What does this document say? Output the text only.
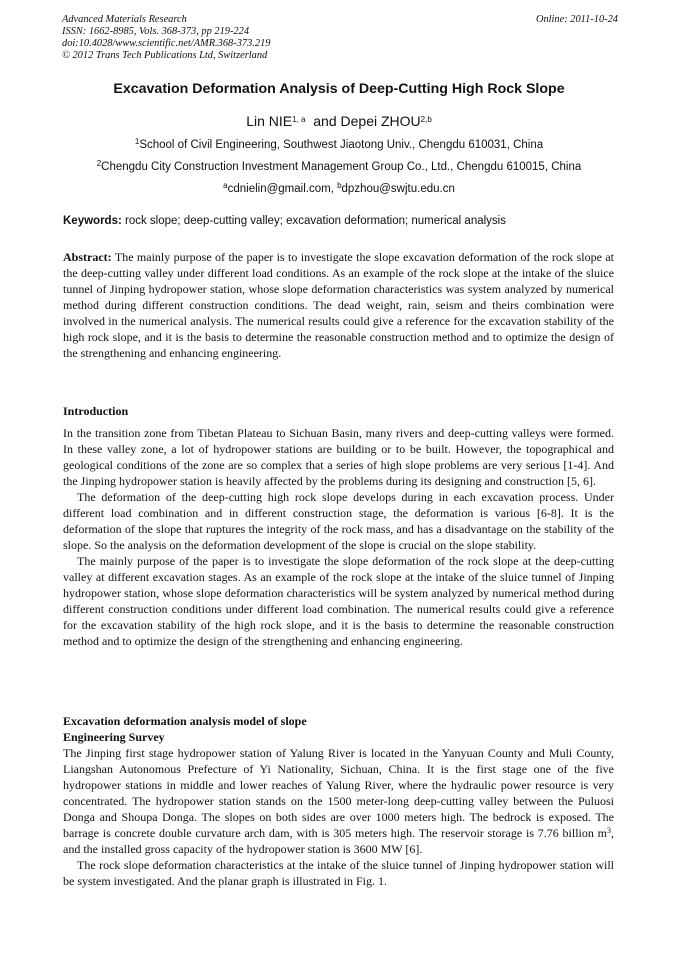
Advanced Materials Research
ISSN: 1662-8985, Vols. 368-373, pp 219-224
doi:10.4028/www.scientific.net/AMR.368-373.219
© 2012 Trans Tech Publications Ltd, Switzerland
Online: 2011-10-24
Excavation Deformation Analysis of Deep-Cutting High Rock Slope
Lin NIE$^{1, a}$ and Depei ZHOU$^{2,b}$
$^1$School of Civil Engineering, Southwest Jiaotong Univ., Chengdu 610031, China
$^2$Chengdu City Construction Investment Management Group Co., Ltd., Chengdu 610015, China
$^a$cdnielin@gmail.com, $^b$dpzhou@swjtu.edu.cn
Keywords: rock slope; deep-cutting valley; excavation deformation; numerical analysis

Abstract: The mainly purpose of the paper is to investigate the slope excavation deformation of the rock slope at the deep-cutting valley under different load conditions. As an example of the rock slope at the intake of the sluice tunnel of Jinping hydropower station, whose slope deformation characteristics was system analyzed by numerical method during different construction conditions. The dead weight, rain, seism and theirs combination were involved in the numerical analysis. The numerical results could give a reference for the excavation stability of the high rock slope, and it is the basis to determine the reasonable construction method and to optimize the design of the strengthening and enhancing engineering.

Introduction

In the transition zone from Tibetan Plateau to Sichuan Basin, many rivers and deep-cutting valleys were formed. In these valley zone, a lot of hydropower stations are building or to be built. However, the topographical and geological conditions of the zone are so complex that a series of high slope problems are very serious [1-4]. And the Jinping hydropower station is heavily affected by the problems during its designing and construction [5, 6].

The deformation of the deep-cutting high rock slope develops during in each excavation process. Under different load combination and in different construction stage, the deformation is various [6-8]. It is the deformation of the slope that ruptures the integrity of the rock mass, and has a disadvantage on the stability of the slope. So the analysis on the deformation development of the slope is crucial on the slope stability.

The mainly purpose of the paper is to investigate the slope deformation of the rock slope at the deep-cutting valley at different excavation stages. As an example of the rock slope at the intake of the sluice tunnel of Jinping hydropower station, whose slope deformation characteristics will be system analyzed by numerical method during different construction conditions under different load combination. The numerical results could give a reference for the excavation stability of the high rock slope, and it is the basis to determine the reasonable construction method and to optimize the design of the strengthening and enhancing engineering.

Excavation deformation analysis model of slope
Engineering Survey

The Jinping first stage hydropower station of Yalung River is located in the Yanyuan County and Muli County, Liangshan Autonomous Prefecture of Yi Nationality, Sichuan, China. It is the first stage one of the five hydropower stations in middle and lower reaches of Yalung River, where the hydraulic power resource is very concentrated. The hydropower station stands on the 1500 meter-long deep-cutting valley between the Puluosi Donga and Shoupa Donga. The slopes on both sides are over 1000 meters high. The bedrock is exposed. The barrage is concrete double curvature arch dam, with is 305 meters high. The reservoir storage is 7.76 billion $m^3$, and the installed gross capacity of the hydropower station is 3600 MW [6].

The rock slope deformation characteristics at the intake of the sluice tunnel of Jinping hydropower station will be system investigated. And the planar graph is illustrated in Fig. 1.
